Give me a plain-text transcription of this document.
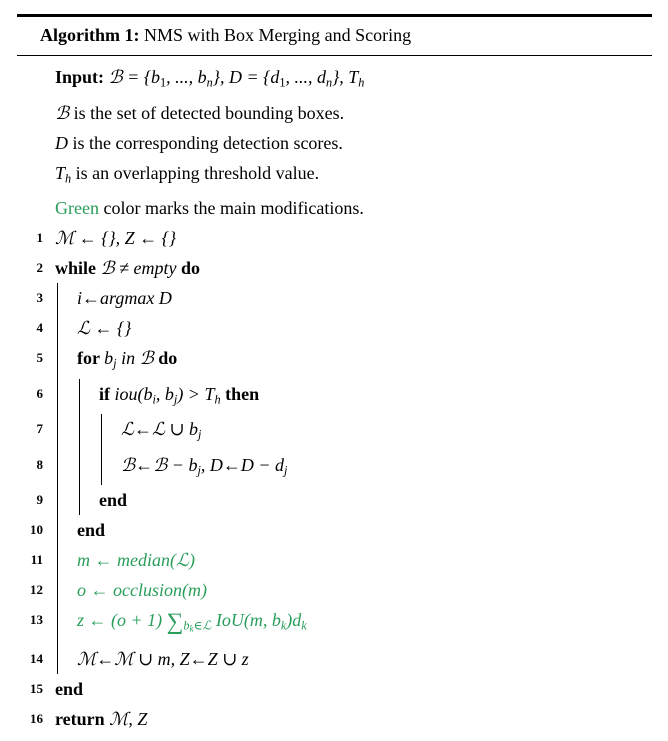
Algorithm 1: NMS with Box Merging and Scoring
Input: ℬ = {$b_1$, ..., $b_n$}, $D = \{d_1$, ..., $d_n$}, $T_h$
ℬ is the set of detected bounding boxes.
D is the corresponding detection scores.
$T_h$ is an overlapping threshold value.
Green color marks the main modifications.
1 ℳ ← {}, Z ← {}
2 while ℬ ≠ empty do
3	i←argmax D
4	ℒ ← {}
5	for $b_j$ in ℬ do
6	if $iou(b_i$, $b_j) > T_h$ then
7	ℒ←ℒ ∪ $b_j$
8	ℬ←ℬ − $b_j$, D←D − $d_j$
9	end
10	end
11	m ← median(ℒ)
12	o ← occlusion(m)
13	z ← (o + 1) $\sum_{bk\in ℒ}$ IoU(m, $b_k)d_k$
14	ℳ←ℳ ∪ m, Z←Z ∪ z
15 end
16 return ℳ, Z
